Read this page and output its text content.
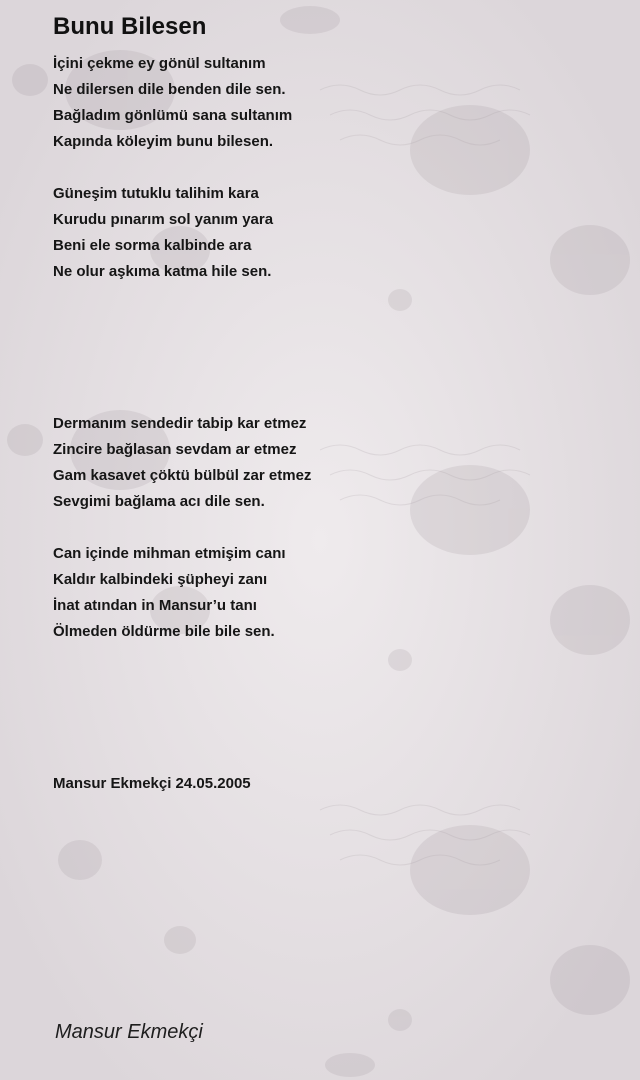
Bunu Bilesen
İçini çekme ey gönül sultanım
Ne dilersen dile benden dile sen.
Bağladım gönlümü sana sultanım
Kapında köleyim bunu bilesen.
Güneşim tutuklu talihim kara
Kurudu pınarım sol yanım yara
Beni ele sorma kalbinde ara
Ne olur aşkıma katma hile sen.
Dermanım sendedir tabip kar etmez
Zincire bağlasan sevdam ar etmez
Gam kasavet çöktü bülbül zar etmez
Sevgimi bağlama acı dile sen.
Can içinde mihman etmişim canı
Kaldır kalbindeki şüpheyi zanı
İnat atından in Mansur’u tanı
Ölmeden öldürme bile bile sen.
Mansur Ekmekçi 24.05.2005
Mansur Ekmekçi
